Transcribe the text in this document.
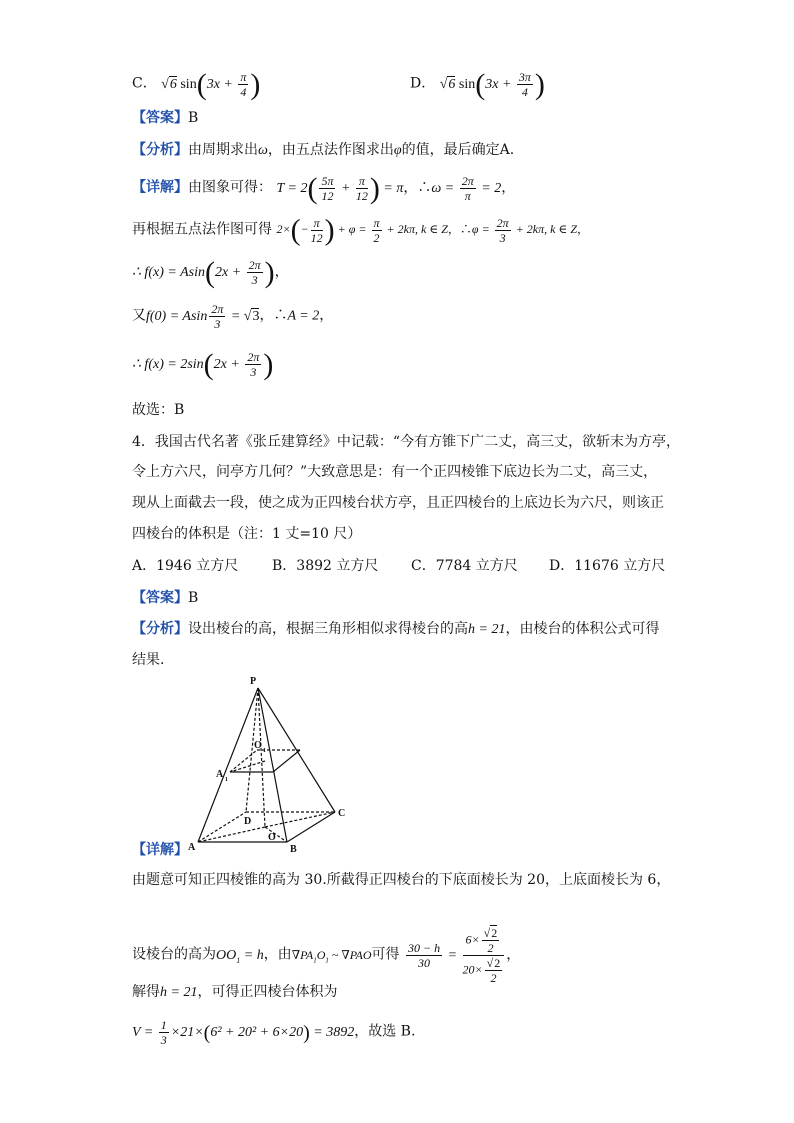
C． √6 $\sin(3x + \frac{\pi}{4}$ )	D． √6 $\sin(3x + \frac{3\pi}{4}$ )
【答案】B
【分析】由周期求出ω，由五点法作图求出φ的值，最后确定A.
【详解】由图象可得： $T = 2( \frac{5\pi}{12} + \frac{\pi}{12}$ ) = π，∴ω = $\frac{2\pi}{\pi} = 2$，
再根据五点法作图可得 $2\times(- \frac{\pi}{12}$ ) + $\varphi = \frac{\pi}{2} + 2k\pi$, k ∈ Z，∴φ = $\frac{2\pi}{3} + 2k\pi$, k ∈ Z，
∴ $f(x) = Asin(2x + \frac{2\pi}{3}$ )，
又f(0) = Asin $\frac{2\pi}{3} = √3$，∴A = 2，
∴ $f(x) = 2\sin(2x + \frac{2\pi}{3}$ )
故选：B
4．我国古代名著《张丘建算经》中记载：“今有方锥下广二丈，高三丈，欲斩末为方亭，
令上方六尺，问亭方几何？”大致意思是：有一个正四棱锥下底边长为二丈，高三丈，
现从上面截去一段，使之成为正四棱台状方亭，且正四棱台的上底边长为六尺，则该正
四棱台的体积是（注：1 丈=10 尺）
A．1946 立方尺 B．3892 立方尺 C．7784 立方尺 D．11676 立方尺
【答案】B
【分析】设出棱台的高，根据三角形相似求得棱台的高h = 21，由棱台的体积公式可得
结果.
P
O 1
A 1
C
D
O
A	B
【详解】
由题意可知正四棱锥的高为 30.所截得正四棱台的下底面棱长为 20，上底面棱长为 6，
设棱台的高为$OO_1 = h$，由$\nabla PA_1O_1$ ~ ∇PAO可得 $\frac{30 - h}{30} = \frac{6\times \frac{√2}{2}}{20\times \frac{√2}{2}}$ ，
解得h = 21，可得正四棱台体积为
$V = \frac{1}{3} \times 21\times(6^2 + 20^2 + 6\times 20) = 3892$，故选 B.
